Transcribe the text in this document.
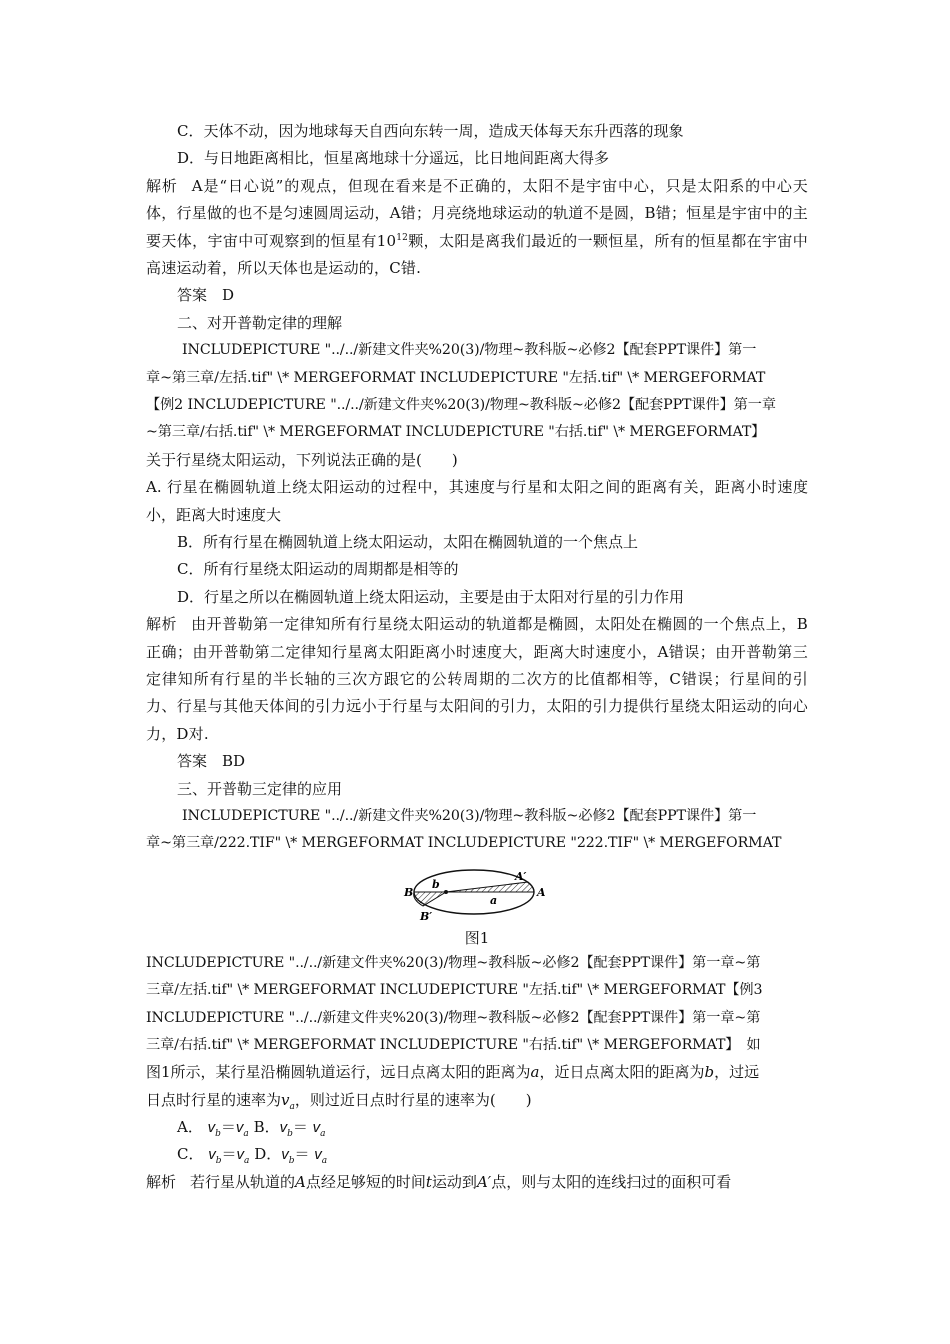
C．天体不动，因为地球每天自西向东转一周，造成天体每天东升西落的现象
D．与日地距离相比，恒星离地球十分遥远，比日地间距离大得多
解析 A是“日心说”的观点，但现在看来是不正确的，太阳不是宇宙中心，只是太阳系的中心天体，行星做的也不是匀速圆周运动，A错；月亮绕地球运动的轨道不是圆，B错；恒星是宇宙中的主要天体，宇宙中可观察到的恒星有$10^{12}$颗，太阳是离我们最近的一颗恒星，所有的恒星都在宇宙中高速运动着，所以天体也是运动的，C错.
答案　D
二、对开普勒定律的理解
INCLUDEPICTURE "../../新建文件夹%20(3)/物理~教科版~必修2【配套PPT课件】第一
章~第三章/左括.tif" \* MERGEFORMAT INCLUDEPICTURE "左括.tif" \* MERGEFORMAT
【例2 INCLUDEPICTURE "../../新建文件夹%20(3)/物理~教科版~必修2【配套PPT课件】第一章
~第三章/右括.tif" \* MERGEFORMAT INCLUDEPICTURE "右括.tif" \* MERGEFORMAT】
关于行星绕太阳运动，下列说法正确的是(　　)
A. 行星在椭圆轨道上绕太阳运动的过程中，其速度与行星和太阳之间的距离有关，距离小时速度小，距离大时速度大
B．所有行星在椭圆轨道上绕太阳运动，太阳在椭圆轨道的一个焦点上
C．所有行星绕太阳运动的周期都是相等的
D．行星之所以在椭圆轨道上绕太阳运动，主要是由于太阳对行星的引力作用
解析 由开普勒第一定律知所有行星绕太阳运动的轨道都是椭圆，太阳处在椭圆的一个焦点上，B正确；由开普勒第二定律知行星离太阳距离小时速度大，距离大时速度小，A错误；由开普勒第三定律知所有行星的半长轴的三次方跟它的公转周期的二次方的比值都相等，C错误；行星间的引力、行星与其他天体间的引力远小于行星与太阳间的引力，太阳的引力提供行星绕太阳运动的向心力，D对.
答案　BD
三、开普勒三定律的应用
INCLUDEPICTURE "../../新建文件夹%20(3)/物理~教科版~必修2【配套PPT课件】第一
章~第三章/222.TIF" \* MERGEFORMAT INCLUDEPICTURE "222.TIF" \* MERGEFORMAT
B
b
A′
A
a
B′
图1
INCLUDEPICTURE "../../新建文件夹%20(3)/物理~教科版~必修2【配套PPT课件】第一章~第
三章/左括.tif" \* MERGEFORMAT INCLUDEPICTURE "左括.tif" \* MERGEFORMAT【例3
INCLUDEPICTURE "../../新建文件夹%20(3)/物理~教科版~必修2【配套PPT课件】第一章~第
三章/右括.tif" \* MERGEFORMAT INCLUDEPICTURE "右括.tif" \* MERGEFORMAT】　如
图1所示，某行星沿椭圆轨道运行，远日点离太阳的距离为a，近日点离太阳的距离为b，过远
日点时行星的速率为$v_a$，则过近日点时行星的速率为(　　)
A． $v_b=v_a$ B．$v_b= v_a$
C． $v_b=v_a$ D．$v_b= v_a$
解析 若行星从轨道的A点经足够短的时间t运动到A′点，则与太阳的连线扫过的面积可看
